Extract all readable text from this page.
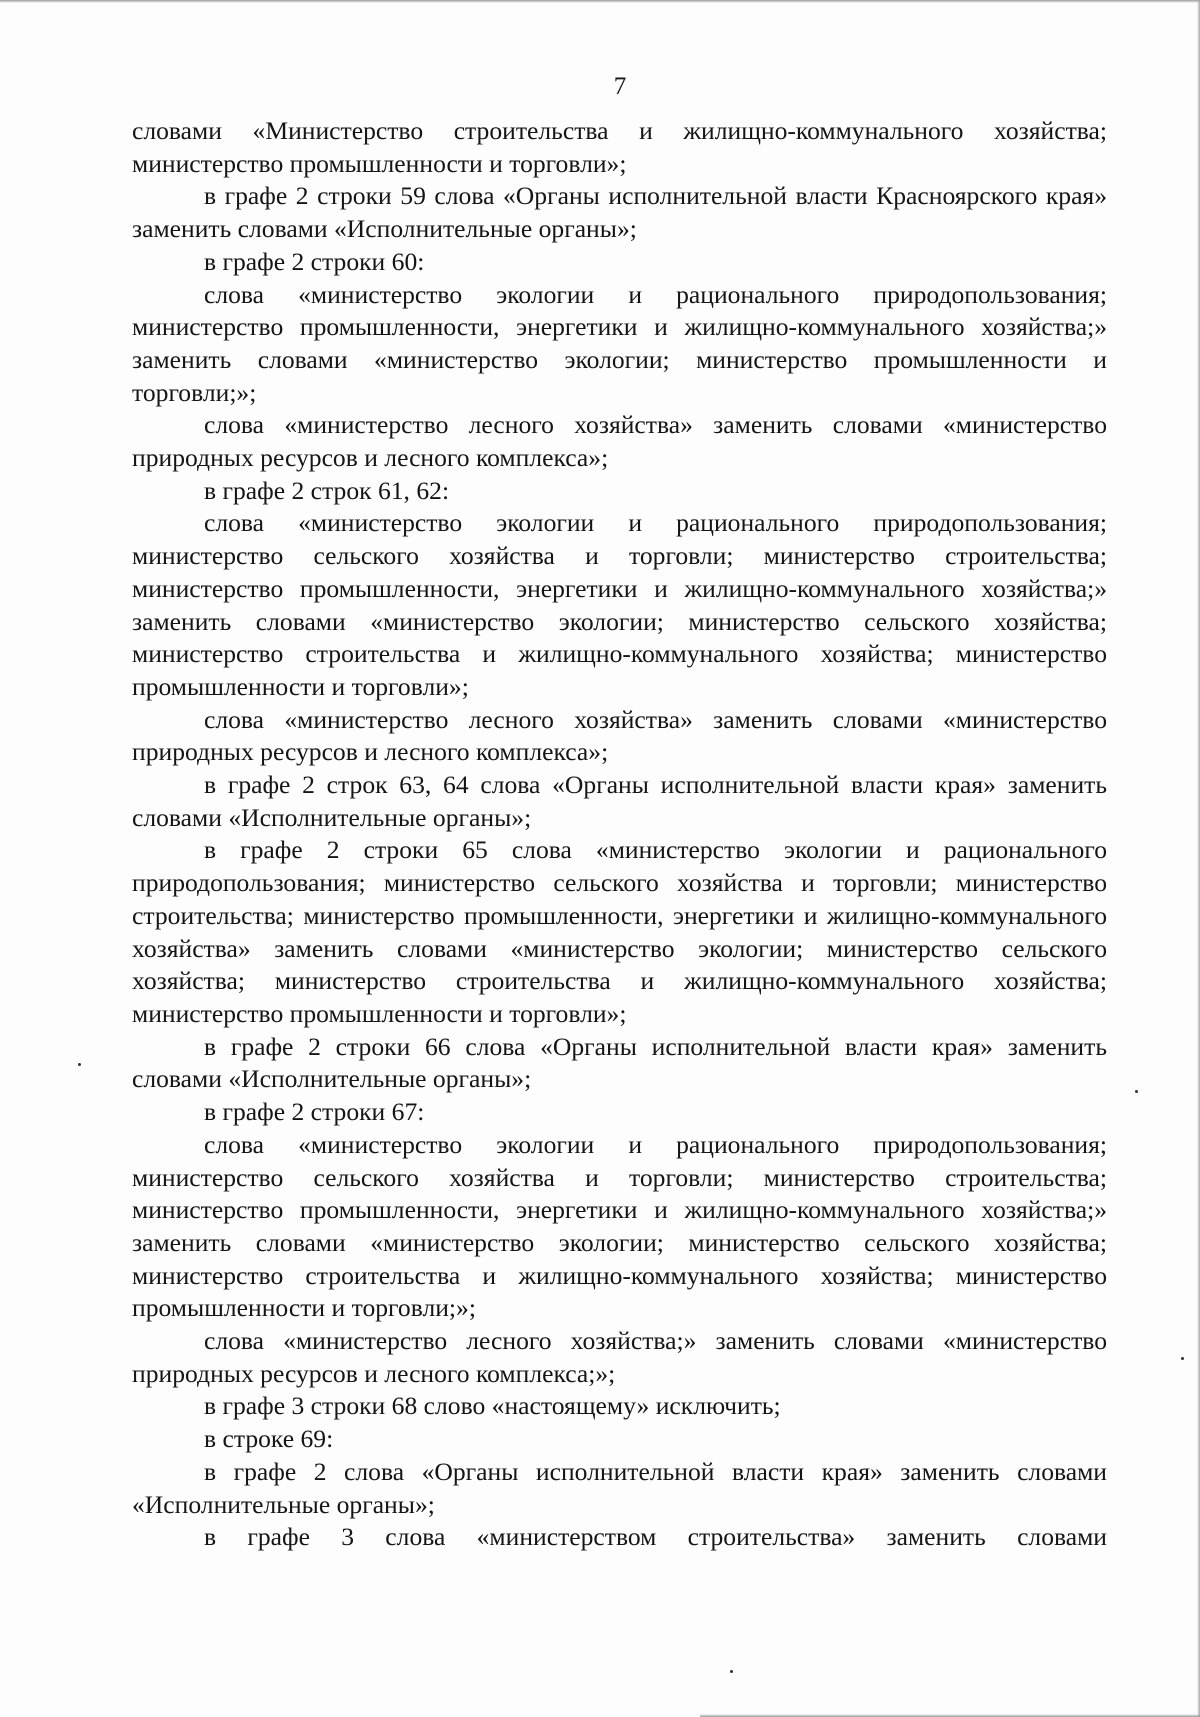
7

словами «Министерство строительства и жилищно-коммунального хозяйства; министерство промышленности и торговли»;

в графе 2 строки 59 слова «Органы исполнительной власти Красноярского края» заменить словами «Исполнительные органы»;

в графе 2 строки 60:

слова «министерство экологии и рационального природопользования; министерство промышленности, энергетики и жилищно-коммунального хозяйства;» заменить словами «министерство экологии; министерство промышленности и торговли;»;

слова «министерство лесного хозяйства» заменить словами «министерство природных ресурсов и лесного комплекса»;

в графе 2 строк 61, 62:

слова «министерство экологии и рационального природопользования; министерство сельского хозяйства и торговли; министерство строительства; министерство промышленности, энергетики и жилищно-коммунального хозяйства;» заменить словами «министерство экологии; министерство сельского хозяйства; министерство строительства и жилищно-коммунального хозяйства; министерство промышленности и торговли»;

слова «министерство лесного хозяйства» заменить словами «министерство природных ресурсов и лесного комплекса»;

в графе 2 строк 63, 64 слова «Органы исполнительной власти края» заменить словами «Исполнительные органы»;

в графе 2 строки 65 слова «министерство экологии и рационального природопользования; министерство сельского хозяйства и торговли; министерство строительства; министерство промышленности, энергетики и жилищно-коммунального хозяйства» заменить словами «министерство экологии; министерство сельского хозяйства; министерство строительства и жилищно-коммунального хозяйства; министерство промышленности и торговли»;

в графе 2 строки 66 слова «Органы исполнительной власти края» заменить словами «Исполнительные органы»;

в графе 2 строки 67:

слова «министерство экологии и рационального природопользования; министерство сельского хозяйства и торговли; министерство строительства; министерство промышленности, энергетики и жилищно-коммунального хозяйства;» заменить словами «министерство экологии; министерство сельского хозяйства; министерство строительства и жилищно-коммунального хозяйства; министерство промышленности и торговли;»;

слова «министерство лесного хозяйства;» заменить словами «министерство природных ресурсов и лесного комплекса;»;

в графе 3 строки 68 слово «настоящему» исключить;

в строке 69:

в графе 2 слова «Органы исполнительной власти края» заменить словами «Исполнительные органы»;

в графе 3 слова «министерством строительства» заменить словами
